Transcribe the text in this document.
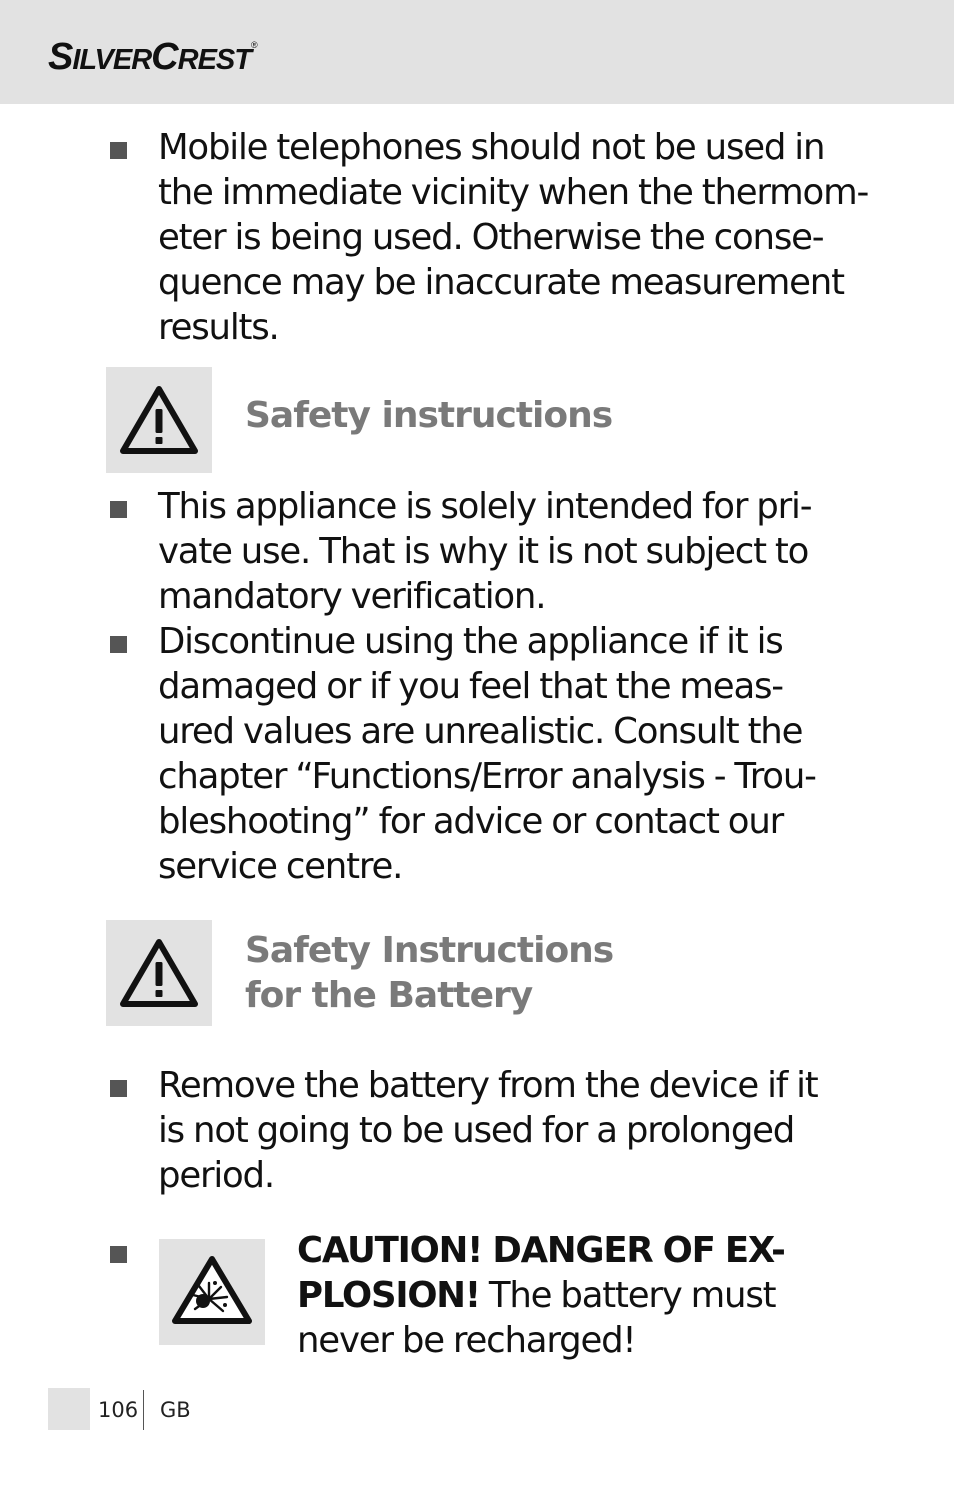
SILVERCREST®
Mobile telephones should not be used in
the immediate vicinity when the thermom-
eter is being used. Otherwise the conse-
quence may be inaccurate measurement
results.
Safety instructions
This appliance is solely intended for pri-
vate use. That is why it is not subject to
mandatory verification.
Discontinue using the appliance if it is
damaged or if you feel that the meas-
ured values are unrealistic. Consult the
chapter “Functions/Error analysis - Trou-
bleshooting” for advice or contact our
service centre.
Safety Instructions
for the Battery
Remove the battery from the device if it
is not going to be used for a prolonged
period.
CAUTION! DANGER OF EX-
PLOSION! The battery must
never be recharged!
106 GB
